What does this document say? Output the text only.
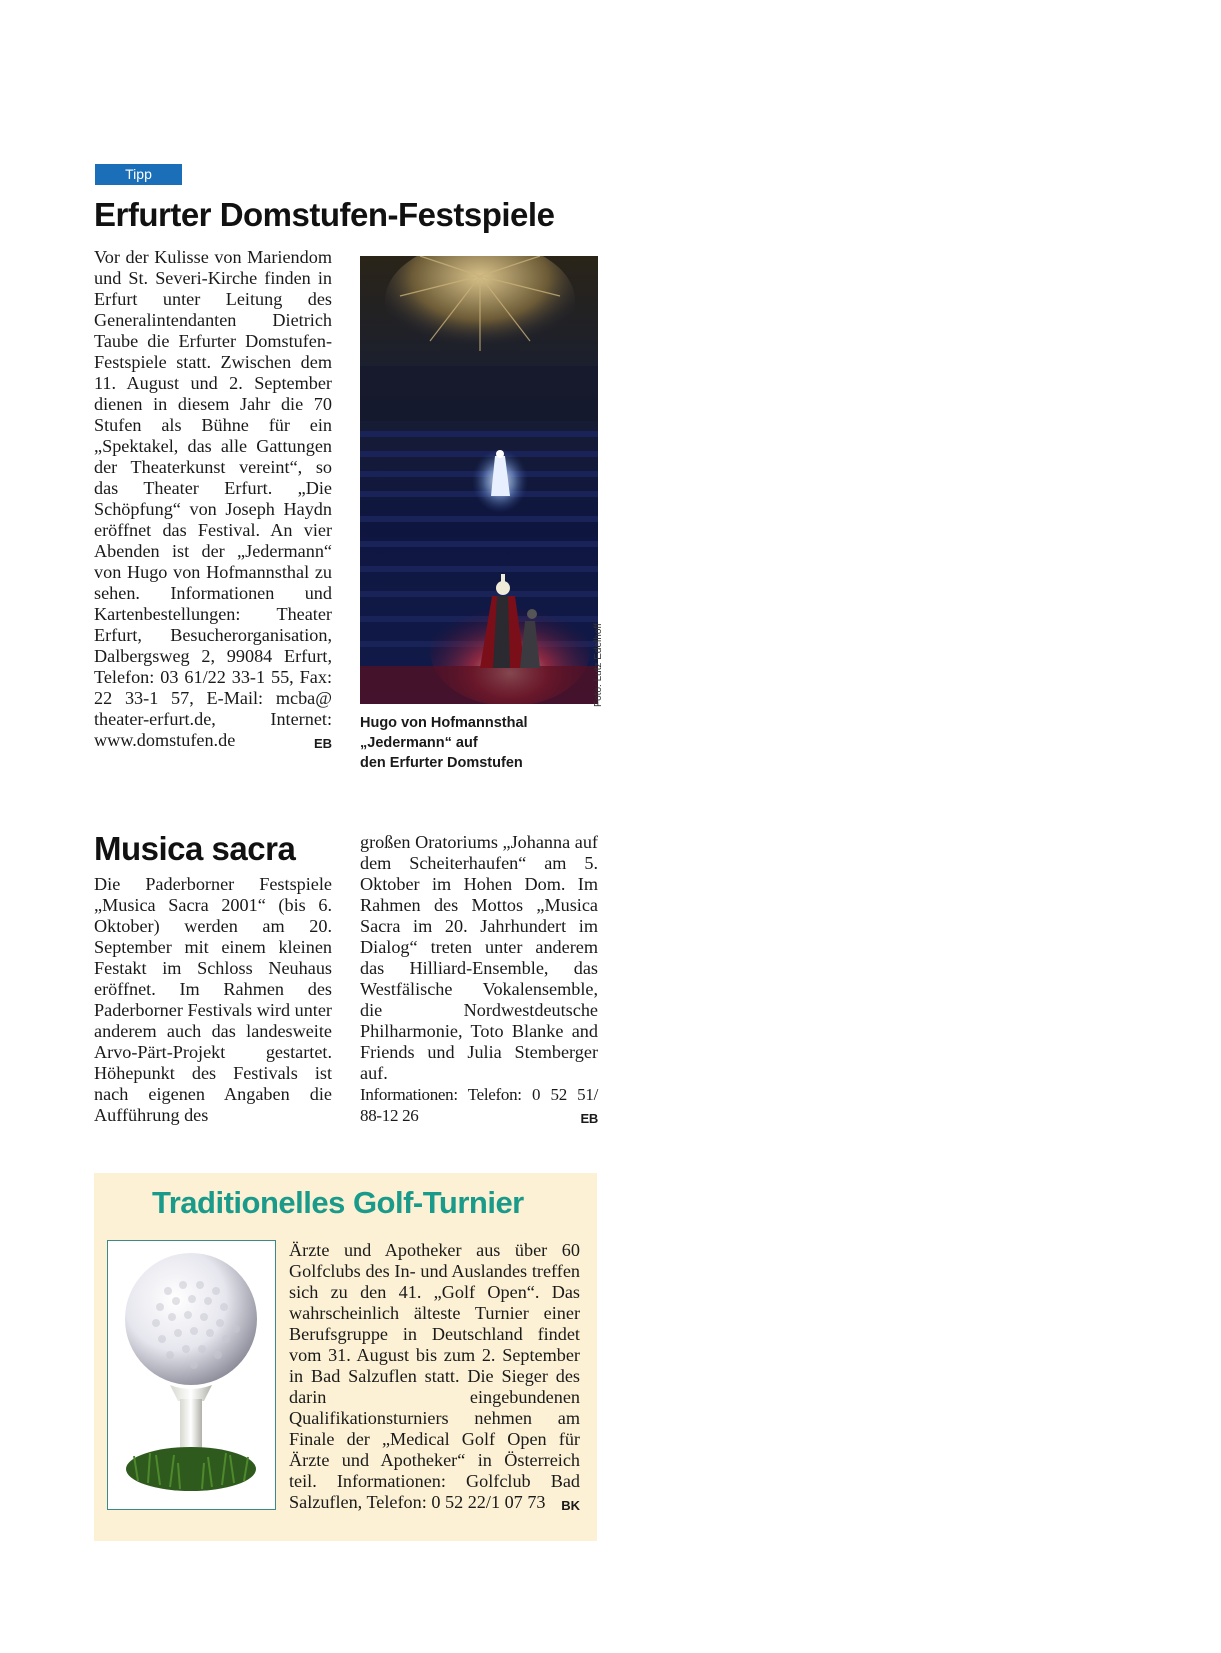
Tipp
Erfurter Domstufen-Festspiele
Vor der Kulisse von Mariendom und St. Severi-Kirche finden in Erfurt unter Leitung des Generalintendanten Dietrich Taube die Erfurter Domstufen-Festspiele statt. Zwischen dem 11. August und 2. September dienen in diesem Jahr die 70 Stufen als Bühne für ein „Spektakel, das alle Gattungen der Theaterkunst vereint“, so das Theater Erfurt. „Die Schöpfung“ von Joseph Haydn eröffnet das Festival. An vier Abenden ist der „Jedermann“ von Hugo von Hofmannsthal zu sehen. Informationen und Kartenbestellungen: Theater Erfurt, Besucherorganisation, Dalbergsweg 2, 99084 Erfurt, Telefon: 03 61/22 33-1 55, Fax: 22 33-1 57, E-Mail: mcba@ theater-erfurt.de, Internet: www.domstufen.de	EB
Foto: Lutz Edelhoff
Hugo von Hofmannsthal
„Jedermann“ auf
den Erfurter Domstufen
Musica sacra
Die Paderborner Festspiele „Musica Sacra 2001“ (bis 6. Oktober) werden am 20. September mit einem kleinen Festakt im Schloss Neuhaus eröffnet. Im Rahmen des Paderborner Festivals wird unter anderem auch das landesweite Arvo-Pärt-Projekt gestartet. Höhepunkt des Festivals ist nach eigenen Angaben die Aufführung des
großen Oratoriums „Johanna auf dem Scheiterhaufen“ am 5. Oktober im Hohen Dom. Im Rahmen des Mottos „Musica Sacra im 20. Jahrhundert im Dialog“ treten unter anderem das Hilliard-Ensemble, das Westfälische Vokalensemble, die Nordwestdeutsche Philharmonie, Toto Blanke and Friends und Julia Stemberger auf.
Informationen: Telefon: 0 52 51/ 88-12 26	EB
Traditionelles Golf-Turnier
Ärzte und Apotheker aus über 60 Golfclubs des In- und Auslandes treffen sich zu den 41. „Golf Open“. Das wahrscheinlich älteste Turnier einer Berufsgruppe in Deutschland findet vom 31. August bis zum 2. September in Bad Salzuflen statt. Die Sieger des darin eingebundenen Qualifikationsturniers nehmen am Finale der „Medical Golf Open für Ärzte und Apotheker“ in Österreich teil. Informationen: Golfclub Bad Salzuflen, Telefon: 0 52 22/1 07 73 BK
